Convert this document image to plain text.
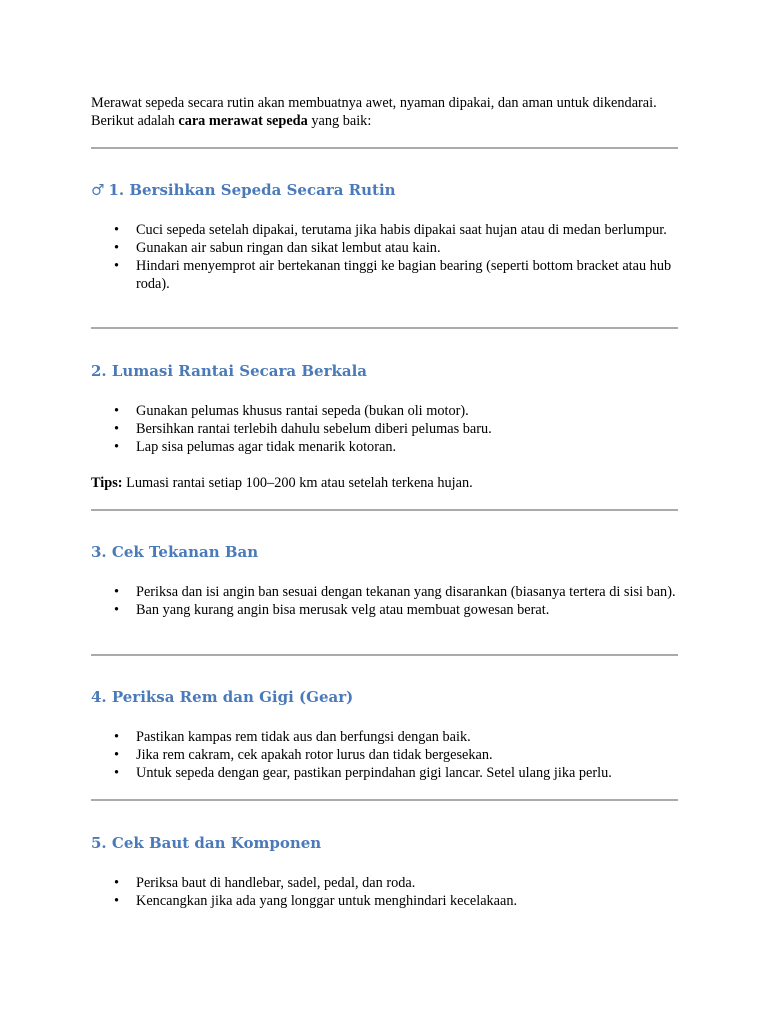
Merawat sepeda secara rutin akan membuatnya awet, nyaman dipakai, dan aman untuk dikendarai. Berikut adalah cara merawat sepeda yang baik:

♂ 1. Bersihkan Sepeda Secara Rutin
• Cuci sepeda setelah dipakai, terutama jika habis dipakai saat hujan atau di medan berlumpur.
• Gunakan air sabun ringan dan sikat lembut atau kain.
• Hindari menyemprot air bertekanan tinggi ke bagian bearing (seperti bottom bracket atau hub roda).
2. Lumasi Rantai Secara Berkala
• Gunakan pelumas khusus rantai sepeda (bukan oli motor).
• Bersihkan rantai terlebih dahulu sebelum diberi pelumas baru.
• Lap sisa pelumas agar tidak menarik kotoran.

Tips: Lumasi rantai setiap 100–200 km atau setelah terkena hujan.

3. Cek Tekanan Ban
• Periksa dan isi angin ban sesuai dengan tekanan yang disarankan (biasanya tertera di sisi ban).
• Ban yang kurang angin bisa merusak velg atau membuat gowesan berat.
4. Periksa Rem dan Gigi (Gear)
• Pastikan kampas rem tidak aus dan berfungsi dengan baik.
• Jika rem cakram, cek apakah rotor lurus dan tidak bergesekan.
• Untuk sepeda dengan gear, pastikan perpindahan gigi lancar. Setel ulang jika perlu.
5. Cek Baut dan Komponen
• Periksa baut di handlebar, sadel, pedal, dan roda.
• Kencangkan jika ada yang longgar untuk menghindari kecelakaan.
